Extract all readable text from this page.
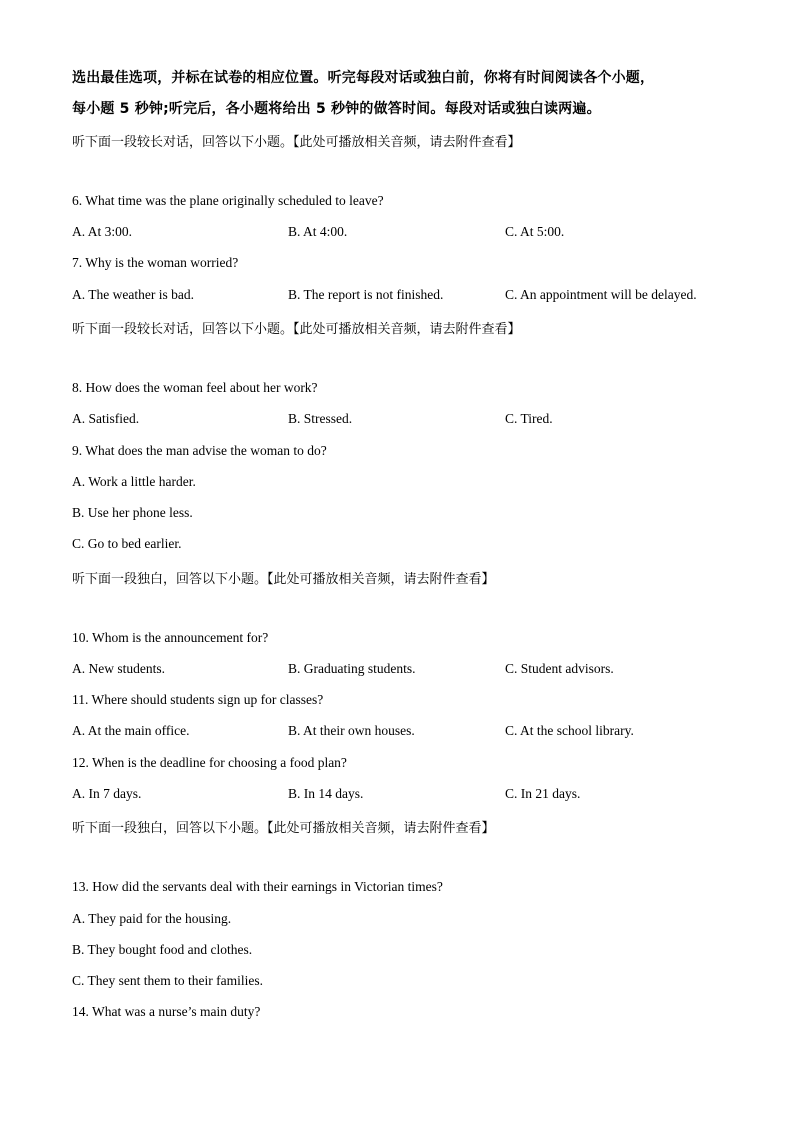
选出最佳选项，并标在试卷的相应位置。听完每段对话或独白前，你将有时间阅读各个小题，
每小题 5 秒钟;听完后，各小题将给出 5 秒钟的做答时间。每段对话或独白读两遍。
听下面一段较长对话，回答以下小题。【此处可播放相关音频，请去附件查看】
6. What time was the plane originally scheduled to leave?
A. At 3:00.	B. At 4:00.	C. At 5:00.
7. Why is the woman worried?
A. The weather is bad.	B. The report is not finished.	C. An appointment will be delayed.
听下面一段较长对话，回答以下小题。【此处可播放相关音频，请去附件查看】
8. How does the woman feel about her work?
A. Satisfied.	B. Stressed.	C. Tired.
9. What does the man advise the woman to do?
A. Work a little harder.
B. Use her phone less.
C. Go to bed earlier.
听下面一段独白，回答以下小题。【此处可播放相关音频，请去附件查看】
10. Whom is the announcement for?
A. New students.	B. Graduating students.	C. Student advisors.
11. Where should students sign up for classes?
A. At the main office.	B. At their own houses.	C. At the school library.
12. When is the deadline for choosing a food plan?
A. In 7 days.	B. In 14 days.	C. In 21 days.
听下面一段独白，回答以下小题。【此处可播放相关音频，请去附件查看】
13. How did the servants deal with their earnings in Victorian times?
A. They paid for the housing.
B. They bought food and clothes.
C. They sent them to their families.
14. What was a nurse’s main duty?
